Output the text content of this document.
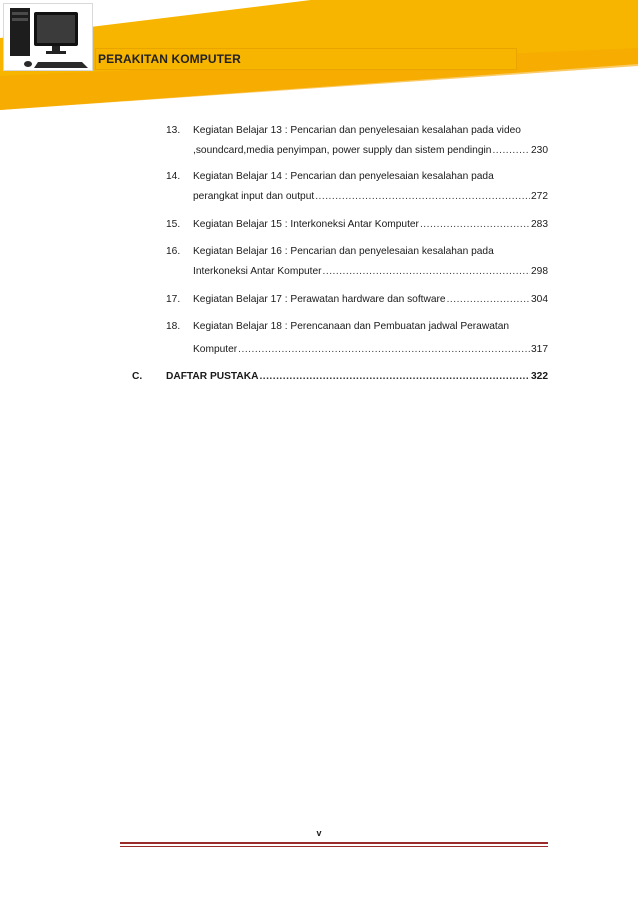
PERAKITAN KOMPUTER
13.	Kegiatan Belajar 13 : Pencarian dan penyelesaian kesalahan pada video
,soundcard,media penyimpan, power supply dan sistem pendingin .....	230
14.	Kegiatan Belajar 14 : Pencarian dan penyelesaian kesalahan pada
perangkat input dan output .....	272
15.	Kegiatan Belajar 15 : Interkoneksi Antar Komputer .....	283
16.	Kegiatan Belajar 16 : Pencarian dan penyelesaian kesalahan pada
Interkoneksi Antar Komputer .....	298
17.	Kegiatan Belajar 17 : Perawatan hardware dan software .....	304
18.	Kegiatan Belajar 18 : Perencanaan dan Pembuatan jadwal Perawatan
Komputer .....	317
C.	DAFTAR PUSTAKA .....	322
v
